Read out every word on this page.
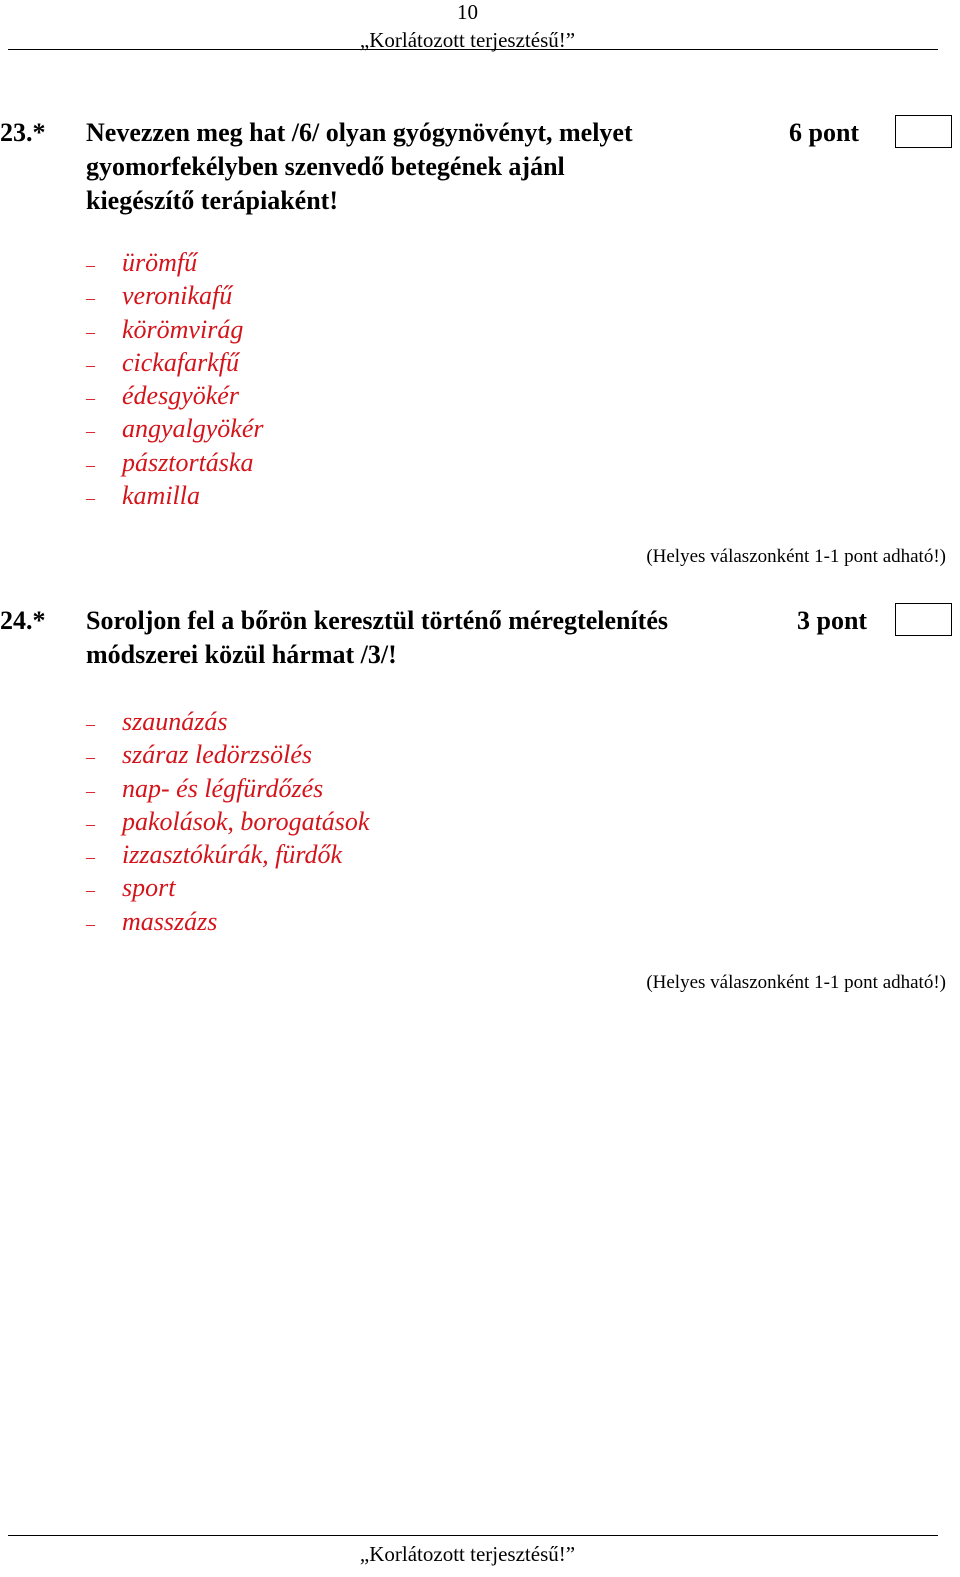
10
„Korlátozott terjesztésű!”
23.* Nevezzen meg hat /6/ olyan gyógynövényt, melyet
gyomorfekélyben szenvedő betegének ajánl
kiegészítő terápiaként!
6 pont
– ürömfű
– veronikafű
– körömvirág
– cickafarkfű
– édesgyökér
– angyalgyökér
– pásztortáska
– kamilla
(Helyes válaszonként 1-1 pont adható!)
24.* Soroljon fel a bőrön keresztül történő méregtelenítés
módszerei közül hármat /3/!
3 pont
– szaunázás
– száraz ledörzsölés
– nap- és légfürdőzés
– pakolások, borogatások
– izzasztókúrák, fürdők
– sport
– masszázs
(Helyes válaszonként 1-1 pont adható!)
„Korlátozott terjesztésű!”
